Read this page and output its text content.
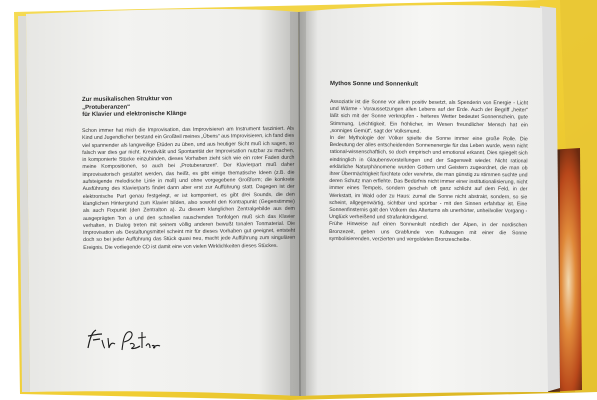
Zur musikalischen Struktur von
„Protuberanzen“
für Klavier und elektronische Klänge

Schon immer hat mich die Improvisation, das Improvisieren am Instrument fasziniert. Als Kind und Jugendlicher bestand ein Großteil meines „Übens“ aus Improvisieren, ich fand dies viel spannender als langweilige Etüden zu üben, und aus heutiger Sicht muß ich sagen, so falsch war dies gar nicht. Kreativität und Spontanität der Improvisation nutzbar zu machen, in komponierte Stücke einzubinden, dieses Vorhaben zieht sich wie ein roter Faden durch meine Kompositionen, so auch bei „Protuberanzen“. Der Klavierpart muß daher improvisatorisch gestaltet werden, das heißt, es gibt einige thematische Ideen (z.B. die aufsteigende melodische Linie in moll) und ohne vorgegebene Großform; die konkrete Ausführung des Klavierparts findet dann aber erst zur Aufführung statt. Dagegen ist der elektronische Part genau festgelegt, er ist komponiert, es gibt drei Sounds, die den klanglichen Hintergrund zum Klavier bilden, also sowohl den Kontrapunkt (Gegenstimme) als auch Fixpunkt (den Zentralton a). Zu diesem klanglichen Zentralgebilde aus dem ausgeprägten Ton a und den schnellen rauschenden Tonfolgen muß sich das Klavier verhalten, in Dialog treten mit seinem völlig anderen bewußt tonalen Tonmaterial. Die Improvisation als Gestaltungsmittel scheint mir für dieses Vorhaben gut geeignet, entsteht doch so bei jeder Aufführung das Stück quasi neu, macht jede Aufführung zum singulären Ereignis. Die vorliegende CD ist damit eine von vielen Wirklichkeiten dieses Stückes.

Mythos Sonne und Sonnenkult

Assoziativ ist die Sonne vor allem positiv besetzt, als Spenderin von Energie - Licht und Wärme - Voraussetzungen allen Lebens auf der Erde. Auch der Begriff „heiter“ läßt sich mit der Sonne verknüpfen - heiteres Wetter bedeutet Sonnenschein, gute Stimmung, Leichtigkeit. Ein fröhlicher, im Wesen freundlicher Mensch hat ein „sonniges Gemüt“, sagt der Volksmund.

In der Mythologie der Völker spielte die Sonne immer eine große Rolle. Die Bedeutung der alles entscheidenden Sonnenenergie für das Leben wurde, wenn nicht rational-wissenschaftlich, so doch empirisch und emotional erkannt. Dies spiegelt sich eindringlich in Glaubensvorstellungen und der Sagenwelt wieder. Nicht rational erklärliche Naturphänomene wurden Göttern und Geistern zugeordnet, die man ob ihrer Übermächtigkeit fürchtete oder verehrte, die man günstig zu stimmen suchte und deren Schutz man erflehte. Das Bedürfnis nicht immer einer institutionalisierung, nicht immer eines Tempels, sondern geschah oft ganz schlicht auf dem Feld, in der Werkstatt, im Wald oder zu Haus: zumal die Sonne nicht abstrakt, sondern, so sie scheint, allgegenwärtig, sichtbar und spürbar - mit den Sinnen erfahrbar ist. Eine Sonnenfinsternis galt den Völkern des Altertums als unerhörter, unheilvoller Vorgang - Unglück verheißend und strafankündigend.

Frühe Hinweise auf einen Sonnenkult nördlich der Alpen, in der nordischen Bronzezeit, geben uns Grabfunde von Kultwagen mit einer die Sonne symbolisierenden, verzierten und vergoldeten Bronzescheibe.
